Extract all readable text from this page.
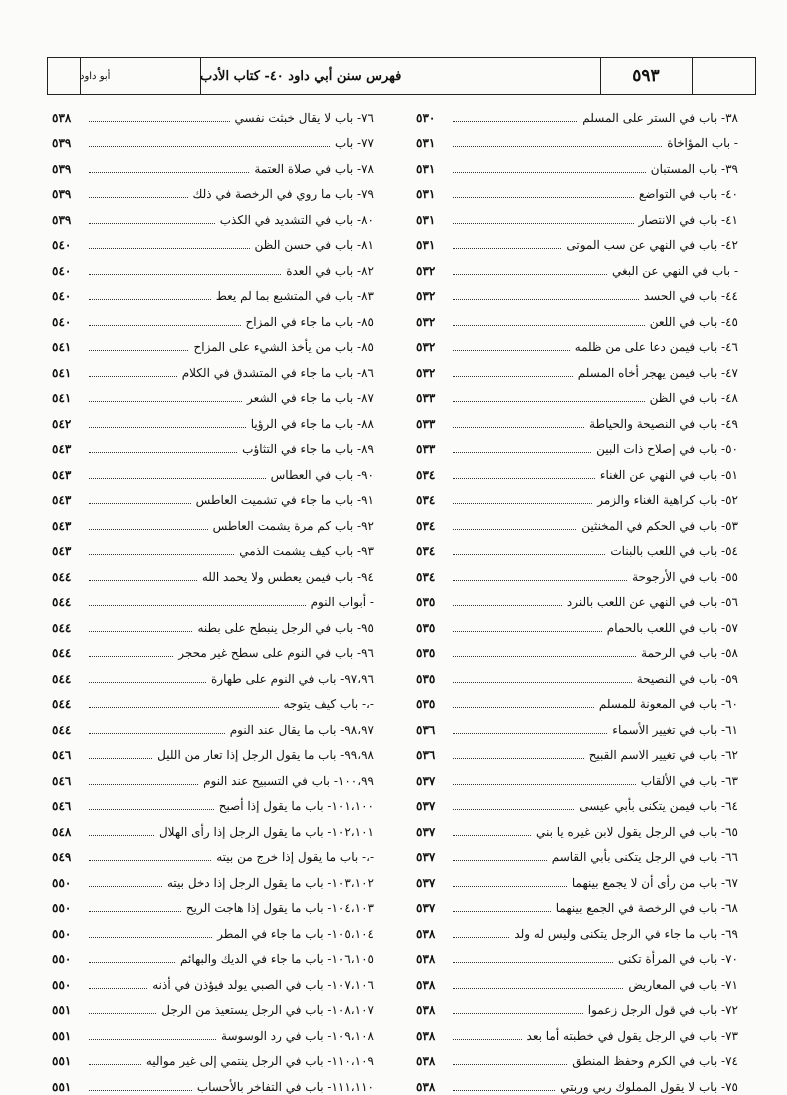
أبو داود	فهرس سنن أبي داود ٤٠- كتاب الأدب	٥٩٣
٣٨- باب في الستر على المسلم
٥٣٠
- باب المؤاخاة
٥٣١
٣٩- باب المستبان
٥٣١
٤٠- باب في التواضع
٥٣١
٤١- باب في الانتصار
٥٣١
٤٢- باب في النهي عن سب الموتى
٥٣١
- باب في النهي عن البغي
٥٣٢
٤٤- باب في الحسد
٥٣٢
٤٥- باب في اللعن
٥٣٢
٤٦- باب فيمن دعا على من ظلمه
٥٣٢
٤٧- باب فيمن يهجر أخاه المسلم
٥٣٢
٤٨- باب في الظن
٥٣٣
٤٩- باب في النصيحة والحياطة
٥٣٣
٥٠- باب في إصلاح ذات البين
٥٣٣
٥١- باب في النهي عن الغناء
٥٣٤
٥٢- باب كراهية الغناء والزمر
٥٣٤
٥٣- باب في الحكم في المخنثين
٥٣٤
٥٤- باب في اللعب بالبنات
٥٣٤
٥٥- باب في الأرجوحة
٥٣٤
٥٦- باب في النهي عن اللعب بالنرد
٥٣٥
٥٧- باب في اللعب بالحمام
٥٣٥
٥٨- باب في الرحمة
٥٣٥
٥٩- باب في النصيحة
٥٣٥
٦٠- باب في المعونة للمسلم
٥٣٥
٦١- باب في تغيير الأسماء
٥٣٦
٦٢- باب في تغيير الاسم القبيح
٥٣٦
٦٣- باب في الألقاب
٥٣٧
٦٤- باب فيمن يتكنى بأبي عيسى
٥٣٧
٦٥- باب في الرجل يقول لابن غيره يا بني
٥٣٧
٦٦- باب في الرجل يتكنى بأبي القاسم
٥٣٧
٦٧- باب من رأى أن لا يجمع بينهما
٥٣٧
٦٨- باب في الرخصة في الجمع بينهما
٥٣٧
٦٩- باب ما جاء في الرجل يتكنى وليس له ولد
٥٣٨
٧٠- باب في المرأة تكنى
٥٣٨
٧١- باب في المعاريض
٥٣٨
٧٢- باب في قول الرجل زعموا
٥٣٨
٧٣- باب في الرجل يقول في خطبته أما بعد
٥٣٨
٧٤- باب في الكرم وحفظ المنطق
٥٣٨
٧٥- باب لا يقول المملوك ربي وربتي
٥٣٨
٧٦- باب لا يقال خبثت نفسي
٥٣٨
٧٧- باب
٥٣٩
٧٨- باب في صلاة العتمة
٥٣٩
٧٩- باب ما روي في الرخصة في ذلك
٥٣٩
٨٠- باب في التشديد في الكذب
٥٣٩
٨١- باب في حسن الظن
٥٤٠
٨٢- باب في العدة
٥٤٠
٨٣- باب في المتشبع بما لم يعط
٥٤٠
٨٥- باب ما جاء في المزاح
٥٤٠
٨٥- باب من يأخذ الشيء على المزاح
٥٤١
٨٦- باب ما جاء في المتشدق في الكلام
٥٤١
٨٧- باب ما جاء في الشعر
٥٤١
٨٨- باب ما جاء في الرؤيا
٥٤٢
٨٩- باب ما جاء في التثاؤب
٥٤٣
٩٠- باب في العطاس
٥٤٣
٩١- باب ما جاء في تشميت العاطس
٥٤٣
٩٢- باب كم مرة يشمت العاطس
٥٤٣
٩٣- باب كيف يشمت الذمي
٥٤٣
٩٤- باب فيمن يعطس ولا يحمد الله
٥٤٤
- أبواب النوم
٥٤٤
٩٥- باب في الرجل ينبطح على بطنه
٥٤٤
٩٦- باب في النوم على سطح غير محجر
٥٤٤
٩٧،٩٦- باب في النوم على طهارة
٥٤٤
-،- باب كيف يتوجه
٥٤٤
٩٨،٩٧- باب ما يقال عند النوم
٥٤٤
٩٩،٩٨- باب ما يقول الرجل إذا تعار من الليل
٥٤٦
١٠٠،٩٩- باب في التسبيح عند النوم
٥٤٦
١٠١،١٠٠- باب ما يقول إذا أصبح
٥٤٦
١٠٢،١٠١- باب ما يقول الرجل إذا رأى الهلال
٥٤٨
-،- باب ما يقول إذا خرج من بيته
٥٤٩
١٠٣،١٠٢- باب ما يقول الرجل إذا دخل بيته
٥٥٠
١٠٤،١٠٣- باب ما يقول إذا هاجت الريح
٥٥٠
١٠٥،١٠٤- باب ما جاء في المطر
٥٥٠
١٠٦،١٠٥- باب ما جاء في الديك والبهائم
٥٥٠
١٠٧،١٠٦- باب في الصبي يولد فيؤذن في أذنه
٥٥٠
١٠٨،١٠٧- باب في الرجل يستعيذ من الرجل
٥٥١
١٠٩،١٠٨- باب في رد الوسوسة
٥٥١
١١٠،١٠٩- باب في الرجل ينتمي إلى غير مواليه
٥٥١
١١١،١١٠- باب في التفاخر بالأحساب
٥٥١
